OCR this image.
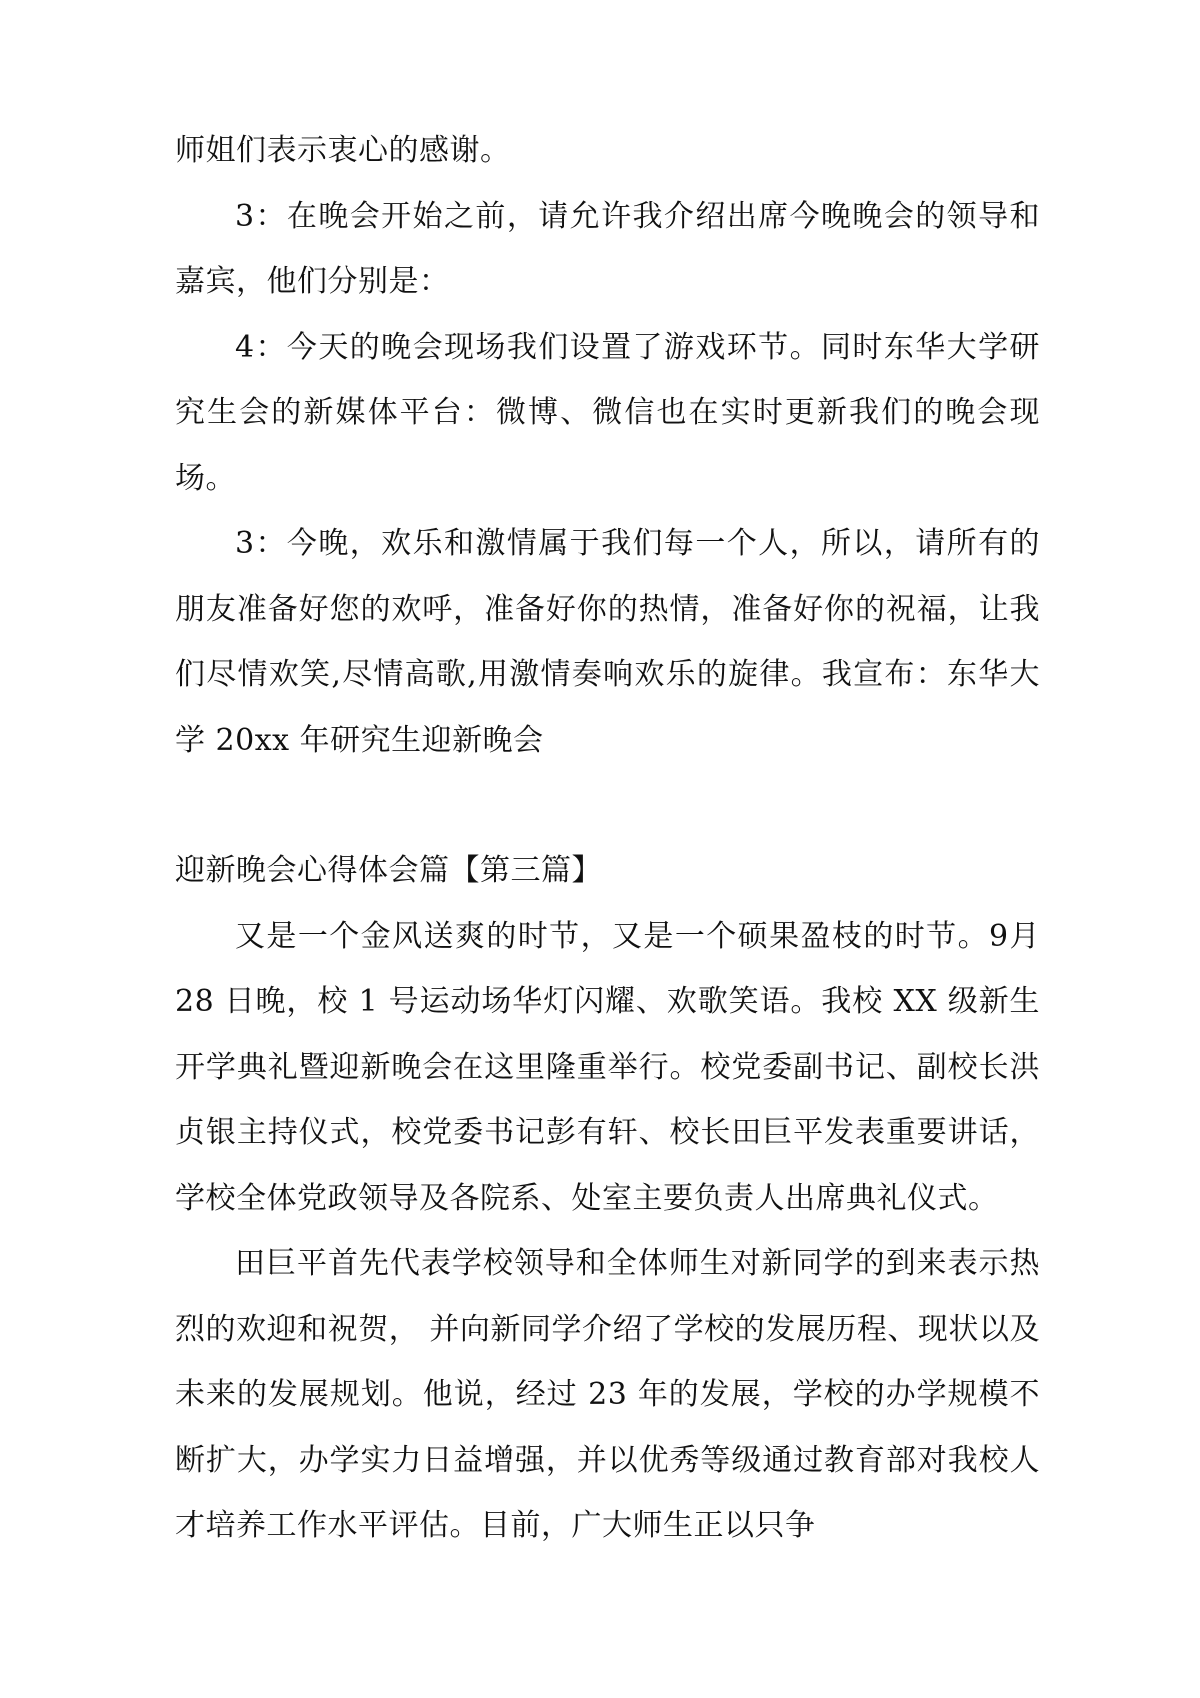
师姐们表示衷心的感谢。

3：在晚会开始之前，请允许我介绍出席今晚晚会的领导和嘉宾，他们分别是：

4：今天的晚会现场我们设置了游戏环节。同时东华大学研究生会的新媒体平台：微博、微信也在实时更新我们的晚会现场。

3：今晚，欢乐和激情属于我们每一个人，所以，请所有的朋友准备好您的欢呼，准备好你的热情，准备好你的祝福，让我们尽情欢笑,尽情高歌,用激情奏响欢乐的旋律。我宣布：东华大学 20xx 年研究生迎新晚会

迎新晚会心得体会篇【第三篇】

又是一个金风送爽的时节，又是一个硕果盈枝的时节。9月 28 日晚，校 1 号运动场华灯闪耀、欢歌笑语。我校 XX 级新生开学典礼暨迎新晚会在这里隆重举行。校党委副书记、副校长洪贞银主持仪式，校党委书记彭有轩、校长田巨平发表重要讲话，学校全体党政领导及各院系、处室主要负责人出席典礼仪式。

田巨平首先代表学校领导和全体师生对新同学的到来表示热烈的欢迎和祝贺， 并向新同学介绍了学校的发展历程、现状以及未来的发展规划。他说，经过 23 年的发展，学校的办学规模不断扩大，办学实力日益增强，并以优秀等级通过教育部对我校人才培养工作水平评估。目前，广大师生正以只争
